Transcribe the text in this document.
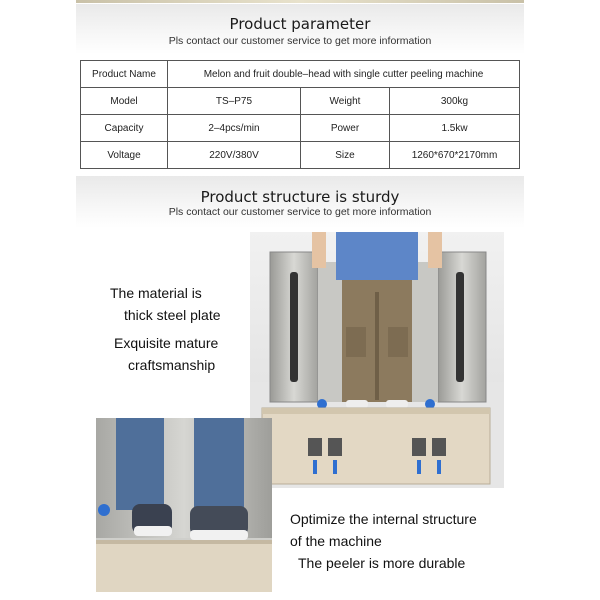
Product parameter
Pls contact our customer service to get more information
Product Name	Melon and fruit double–head with single cutter peeling machine		
Model	TS–P75	Weight	300kg
Capacity	2–4pcs/min	Power	1.5kw
Voltage	220V/380V	Size	1260*670*2170mm
Product structure is sturdy
Pls contact our customer service to get more information
The material is
thick steel plate
Exquisite mature
craftsmanship
Optimize the internal structure
of the machine
The peeler is more durable
